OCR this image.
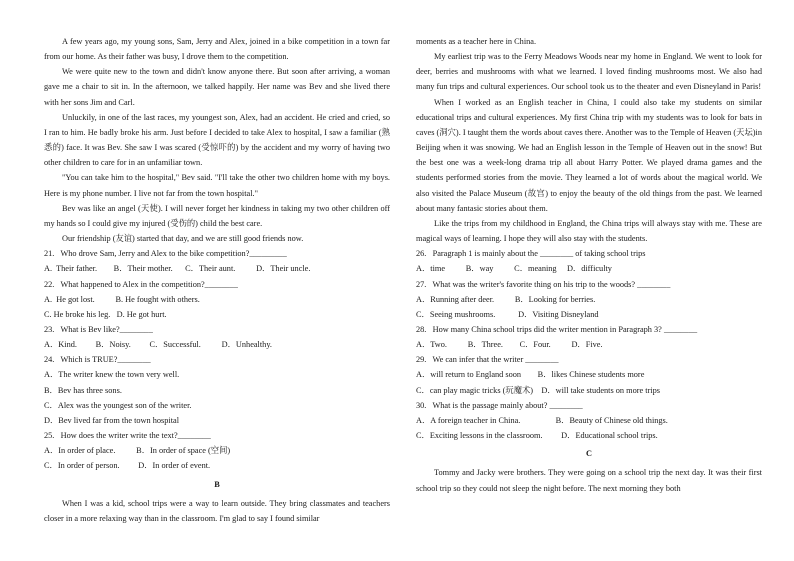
A few years ago, my young sons, Sam, Jerry and Alex, joined in a bike competition in a town far from our home. As their father was busy, I drove them to the competition.

We were quite new to the town and didn't know anyone there. But soon after arriving, a woman gave me a chair to sit in. In the afternoon, we talked happily. Her name was Bev and she lived there with her sons Jim and Carl.

Unluckily, in one of the last races, my youngest son, Alex, had an accident. He cried and cried, so I ran to him. He badly broke his arm. Just before I decided to take Alex to hospital, I saw a familiar (熟悉的) face. It was Bev. She saw I was scared (受惊吓的) by the accident and my worry of having two other children to care for in an unfamiliar town.

"You can take him to the hospital," Bev said. "I'll take the other two children home with my boys. Here is my phone number. I live not far from the town hospital."

Bev was like an angel (天使). I will never forget her kindness in taking my two other children off my hands so I could give my injured (受伤的) child the best care.

Our friendship (友谊) started that day, and we are still good friends now.

21.   Who drove Sam, Jerry and Alex to the bike competition?_________

A.  Their father.        B．Their mother.      C．Their aunt.          D．Their uncle.

22.   What happened to Alex in the competition?________

A.  He got lost.          B. He fought with others.

C. He broke his leg.   D. He got hurt.

23.   What is Bev like?________

A．Kind.         B．Noisy.         C．Successful.          D．Unhealthy.

24.   Which is TRUE?________

A．The writer knew the town very well.

B．Bev has three sons.

C．Alex was the youngest son of the writer.

D．Bev lived far from the town hospital

25.   How does the writer write the text?________

A．In order of place.          B．In order of space (空间)

C．In order of person.         D．In order of event.

B

When I was a kid, school trips were a way to learn outside. They bring classmates and teachers closer in a more relaxing way than in the classroom. I'm glad to say I found similar

moments as a teacher here in China.

My earliest trip was to the Ferry Meadows Woods near my home in England. We went to look for deer, berries and mushrooms with what we learned. I loved finding mushrooms most. We also had many fun trips and cultural experiences. Our school took us to the theater and even Disneyland in Paris!

When I worked as an English teacher in China, I could also take my students on similar educational trips and cultural experiences. My first China trip with my students was to look for bats in caves (洞穴). I taught them the words about caves there. Another was to the Temple of Heaven (天坛)in Beijing when it was snowing. We had an English lesson in the Temple of Heaven out in the snow! But the best one was a week-long drama trip all about Harry Potter. We played drama games and the students performed stories from the movie. They learned a lot of words about the magical world. We also visited the Palace Museum (故宫) to enjoy the beauty of the old things from the past. We learned about many fantasic stories about them.

Like the trips from my childhood in England, the China trips will always stay with me. These are magical ways of learning. I hope they will also stay with the students.

26.   Paragraph 1 is mainly about the ________ of taking school trips

A．time          B．way          C．meaning     D．difficulty

27.   What was the writer's favorite thing on his trip to the woods? ________

A．Running after deer.          B．Looking for berries.

C．Seeing mushrooms.           D．Visiting Disneyland

28.   How many China school trips did the writer mention in Paragraph 3? ________

A．Two.          B．Three.        C．Four.          D．Five.

29.   We can infer that the writer ________

A．will return to England soon        B．likes Chinese students more

C．can play magic tricks (玩魔术)    D．will take students on more trips

30.   What is the passage mainly about? ________

A．A foreign teacher in China.                 B．Beauty of Chinese old things.

C．Exciting lessons in the classroom.         D．Educational school trips.

C

Tommy and Jacky were brothers. They were going on a school trip the next day. It was their first school trip so they could not sleep the night before. The next morning they both
